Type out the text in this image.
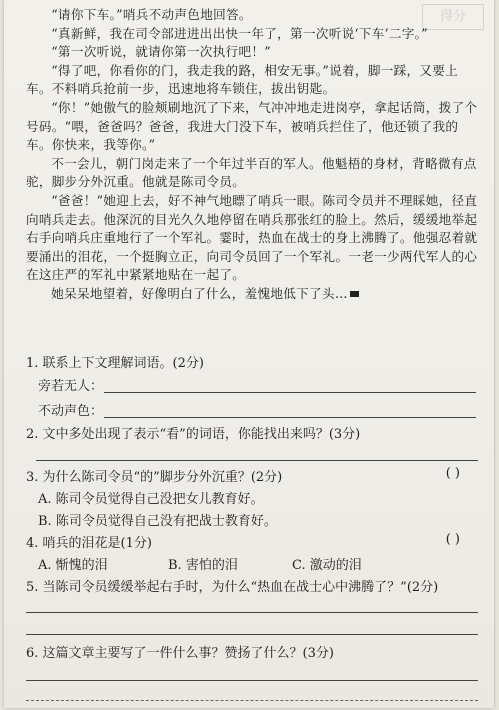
得分

“请你下车。”哨兵不动声色地回答。

“真新鲜，我在司令部进进出出快一年了，第一次听说‘下车’二字。”

“第一次听说，就请你第一次执行吧！”

“得了吧，你看你的门，我走我的路，相安无事。”说着，脚一踩，又要上车。不料哨兵抢前一步，迅速地将车锁住，拔出钥匙。

“你！”她傲气的脸颊刷地沉了下来，气冲冲地走进岗亭，拿起话筒，拨了个号码。“喂，爸爸吗？爸爸，我进大门没下车，被哨兵拦住了，他还锁了我的车。你快来，我等你。”

不一会儿，朝门岗走来了一个年过半百的军人。他魁梧的身材，背略微有点驼，脚步分外沉重。他就是陈司令员。

“爸爸！”她迎上去，好不神气地瞟了哨兵一眼。陈司令员并不理睬她，径直向哨兵走去。他深沉的目光久久地停留在哨兵那张红的脸上。然后，缓缓地举起右手向哨兵庄重地行了一个军礼。霎时，热血在战士的身上沸腾了。他强忍着就要涌出的泪花，一个挺胸立正，向司令员回了一个军礼。一老一少两代军人的心在这庄严的军礼中紧紧地贴在一起了。

她呆呆地望着，好像明白了什么，羞愧地低下了头…

1. 联系上下文理解词语。(2分)
旁若无人：
不动声色：
2. 文中多处出现了表示“看”的词语，你能找出来吗？(3分)
3. 为什么陈司令员“的”脚步分外沉重？(2分)	( )
A. 陈司令员觉得自己没把女儿教育好。
B. 陈司令员觉得自己没有把战士教育好。
4. 哨兵的泪花是(1分)	( )
A. 惭愧的泪	B. 害怕的泪	C. 激动的泪
5. 当陈司令员缓缓举起右手时，为什么“热血在战士心中沸腾了？”(2分)
6. 这篇文章主要写了一件什么事？赞扬了什么？(3分)
